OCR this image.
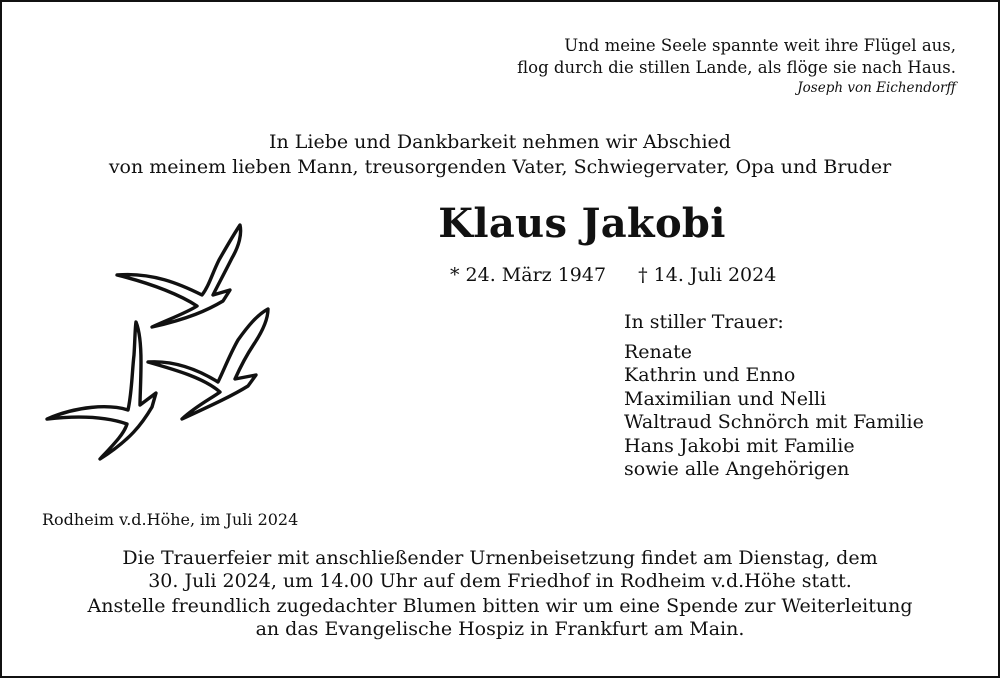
Und meine Seele spannte weit ihre Flügel aus,
flog durch die stillen Lande, als flöge sie nach Haus.
Joseph von Eichendorff
In Liebe und Dankbarkeit nehmen wir Abschied
von meinem lieben Mann, treusorgenden Vater, Schwiegervater, Opa und Bruder
Klaus Jakobi
* 24. März 1947 † 14. Juli 2024
In stiller Trauer:
Renate
Kathrin und Enno
Maximilian und Nelli
Waltraud Schnörch mit Familie
Hans Jakobi mit Familie
sowie alle Angehörigen
Rodheim v.d.Höhe, im Juli 2024
Die Trauerfeier mit anschließender Urnenbeisetzung findet am Dienstag, dem
30. Juli 2024, um 14.00 Uhr auf dem Friedhof in Rodheim v.d.Höhe statt.
Anstelle freundlich zugedachter Blumen bitten wir um eine Spende zur Weiterleitung
an das Evangelische Hospiz in Frankfurt am Main.
